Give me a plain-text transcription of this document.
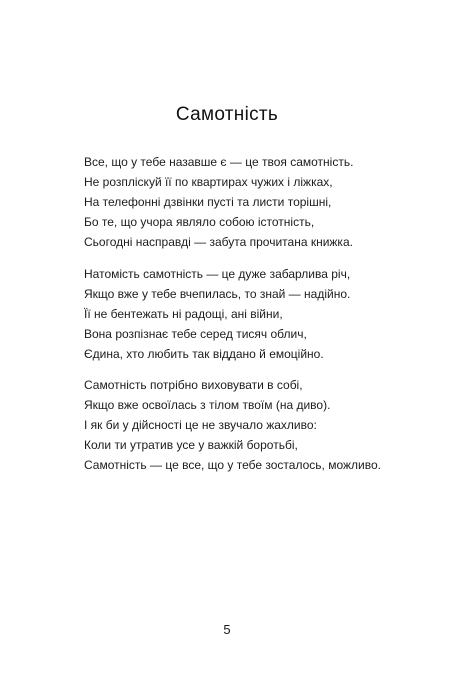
Самотність
Все, що у тебе назавше є — це твоя самотність.
Не розпліскуй її по квартирах чужих і ліжках,
На телефонні дзвінки пусті та листи торішні,
Бо те, що учора являло собою істотність,
Сьогодні насправді — забута прочитана книжка.
Натомість самотність — це дуже забарлива річ,
Якщо вже у тебе вчепилась, то знай — надійно.
Її не бентежать ні радощі, ані війни,
Вона розпізнає тебе серед тисяч облич,
Єдина, хто любить так віддано й емоційно.
Самотність потрібно виховувати в собі,
Якщо вже освоїлась з тілом твоїм (на диво).
І як би у дійсності це не звучало жахливо:
Коли ти утратив усе у важкій боротьбі,
Самотність — це все, що у тебе зосталось, можливо.
5
